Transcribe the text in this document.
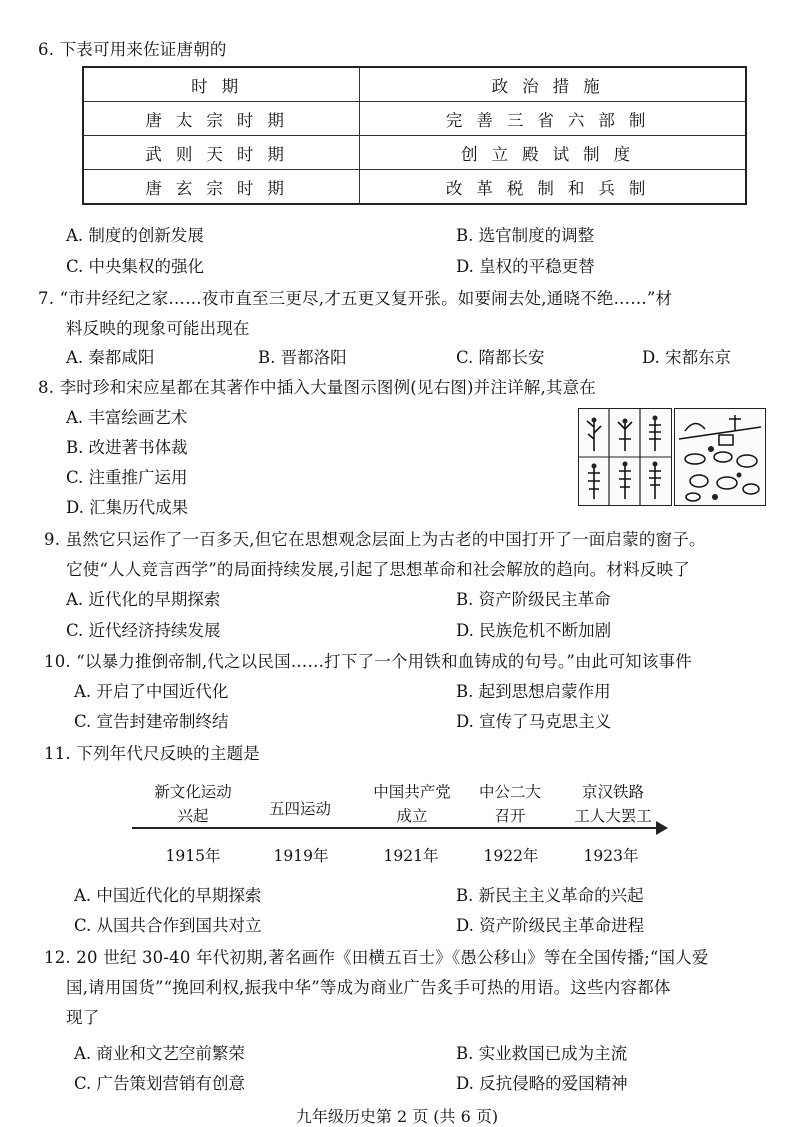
6. 下表可用来佐证唐朝的
时期	政治措施
唐太宗时期	完善三省六部制
武则天时期	创立殿试制度
唐玄宗时期	改革税制和兵制
A. 制度的创新发展	B. 选官制度的调整
C. 中央集权的强化	D. 皇权的平稳更替
7. “市井经纪之家……夜市直至三更尽,才五更又复开张。如要闹去处,通晓不绝……”材
料反映的现象可能出现在
A. 秦都咸阳	B. 晋都洛阳	C. 隋都长安	D. 宋都东京
8. 李时珍和宋应星都在其著作中插入大量图示图例(见右图)并注详解,其意在
A. 丰富绘画艺术
B. 改进著书体裁
C. 注重推广运用
D. 汇集历代成果
9. 虽然它只运作了一百多天,但它在思想观念层面上为古老的中国打开了一面启蒙的窗子。
它使“人人竞言西学”的局面持续发展,引起了思想革命和社会解放的趋向。材料反映了
A. 近代化的早期探索	B. 资产阶级民主革命
C. 近代经济持续发展	D. 民族危机不断加剧
10. “以暴力推倒帝制,代之以民国……打下了一个用铁和血铸成的句号。”由此可知该事件
A. 开启了中国近代化	B. 起到思想启蒙作用
C. 宣告封建帝制终结	D. 宣传了马克思主义
11. 下列年代尺反映的主题是
新文化运动
兴起	五四运动
中国共产党
成立
中公二大
召开
京汉铁路
工人大罢工
1915年	1919年	1921年	1922年	1923年
A. 中国近代化的早期探索	B. 新民主主义革命的兴起
C. 从国共合作到国共对立	D. 资产阶级民主革命进程
12. 20 世纪 30-40 年代初期,著名画作《田横五百士》《愚公移山》等在全国传播;“国人爱
国,请用国货”“挽回利权,振我中华”等成为商业广告炙手可热的用语。这些内容都体
现了
A. 商业和文艺空前繁荣	B. 实业救国已成为主流
C. 广告策划营销有创意	D. 反抗侵略的爱国精神
九年级历史第 2 页 (共 6 页)
